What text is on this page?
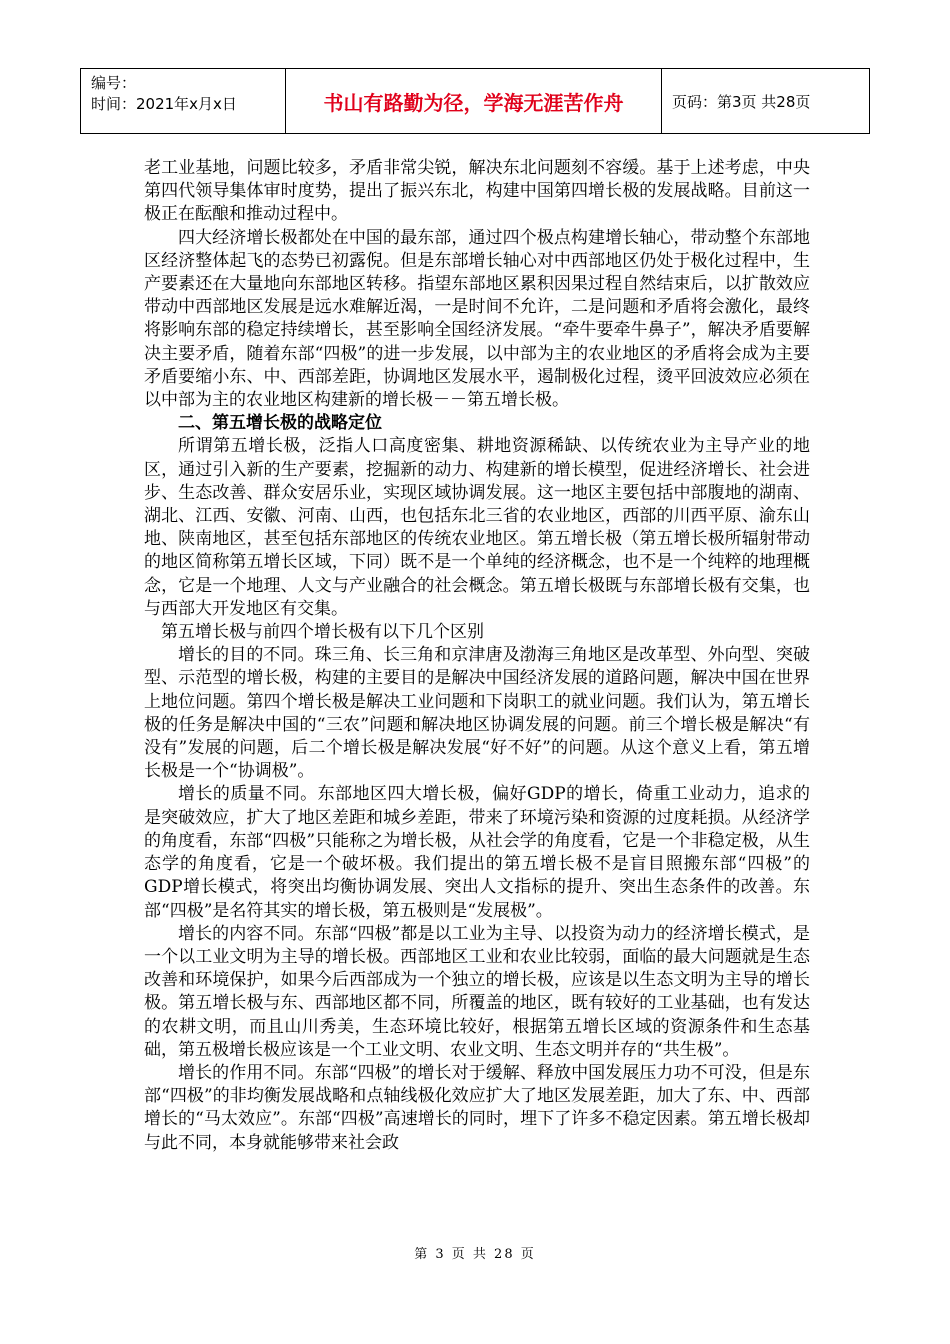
编号：
时间：2021年x月x日	书山有路勤为径，学海无涯苦作舟	页码：第3页 共28页

老工业基地，问题比较多，矛盾非常尖锐，解决东北问题刻不容缓。基于上述考虑，中央第四代领导集体审时度势，提出了振兴东北，构建中国第四增长极的发展战略。目前这一极正在酝酿和推动过程中。

四大经济增长极都处在中国的最东部，通过四个极点构建增长轴心，带动整个东部地区经济整体起飞的态势已初露倪。但是东部增长轴心对中西部地区仍处于极化过程中，生产要素还在大量地向东部地区转移。指望东部地区累积因果过程自然结束后，以扩散效应带动中西部地区发展是远水难解近渴，一是时间不允许，二是问题和矛盾将会激化，最终将影响东部的稳定持续增长，甚至影响全国经济发展。“牵牛要牵牛鼻子”，解决矛盾要解决主要矛盾，随着东部“四极”的进一步发展，以中部为主的农业地区的矛盾将会成为主要矛盾要缩小东、中、西部差距，协调地区发展水平，遏制极化过程，烫平回波效应必须在以中部为主的农业地区构建新的增长极－－第五增长极。

二、第五增长极的战略定位

所谓第五增长极，泛指人口高度密集、耕地资源稀缺、以传统农业为主导产业的地区，通过引入新的生产要素，挖掘新的动力、构建新的增长模型，促进经济增长、社会进步、生态改善、群众安居乐业，实现区域协调发展。这一地区主要包括中部腹地的湖南、湖北、江西、安徽、河南、山西，也包括东北三省的农业地区，西部的川西平原、渝东山地、陕南地区，甚至包括东部地区的传统农业地区。第五增长极（第五增长极所辐射带动的地区简称第五增长区域，下同）既不是一个单纯的经济概念，也不是一个纯粹的地理概念，它是一个地理、人文与产业融合的社会概念。第五增长极既与东部增长极有交集，也与西部大开发地区有交集。

第五增长极与前四个增长极有以下几个区别

增长的目的不同。珠三角、长三角和京津唐及渤海三角地区是改革型、外向型、突破型、示范型的增长极，构建的主要目的是解决中国经济发展的道路问题，解决中国在世界上地位问题。第四个增长极是解决工业问题和下岗职工的就业问题。我们认为，第五增长极的任务是解决中国的“三农”问题和解决地区协调发展的问题。前三个增长极是解决“有没有”发展的问题，后二个增长极是解决发展“好不好”的问题。从这个意义上看，第五增长极是一个“协调极”。

增长的质量不同。东部地区四大增长极，偏好GDP的增长，倚重工业动力，追求的是突破效应，扩大了地区差距和城乡差距，带来了环境污染和资源的过度耗损。从经济学的角度看，东部“四极”只能称之为增长极，从社会学的角度看，它是一个非稳定极，从生态学的角度看，它是一个破坏极。我们提出的第五增长极不是盲目照搬东部“四极”的GDP增长模式，将突出均衡协调发展、突出人文指标的提升、突出生态条件的改善。东部“四极”是名符其实的增长极，第五极则是“发展极”。

增长的内容不同。东部“四极”都是以工业为主导、以投资为动力的经济增长模式，是一个以工业文明为主导的增长极。西部地区工业和农业比较弱，面临的最大问题就是生态改善和环境保护，如果今后西部成为一个独立的增长极，应该是以生态文明为主导的增长极。第五增长极与东、西部地区都不同，所覆盖的地区，既有较好的工业基础，也有发达的农耕文明，而且山川秀美，生态环境比较好，根据第五增长区域的资源条件和生态基础，第五极增长极应该是一个工业文明、农业文明、生态文明并存的“共生极”。

增长的作用不同。东部“四极”的增长对于缓解、释放中国发展压力功不可没，但是东部“四极”的非均衡发展战略和点轴线极化效应扩大了地区发展差距，加大了东、中、西部增长的“马太效应”。东部“四极”高速增长的同时，埋下了许多不稳定因素。第五增长极却与此不同，本身就能够带来社会政

第 3 页 共 28 页
